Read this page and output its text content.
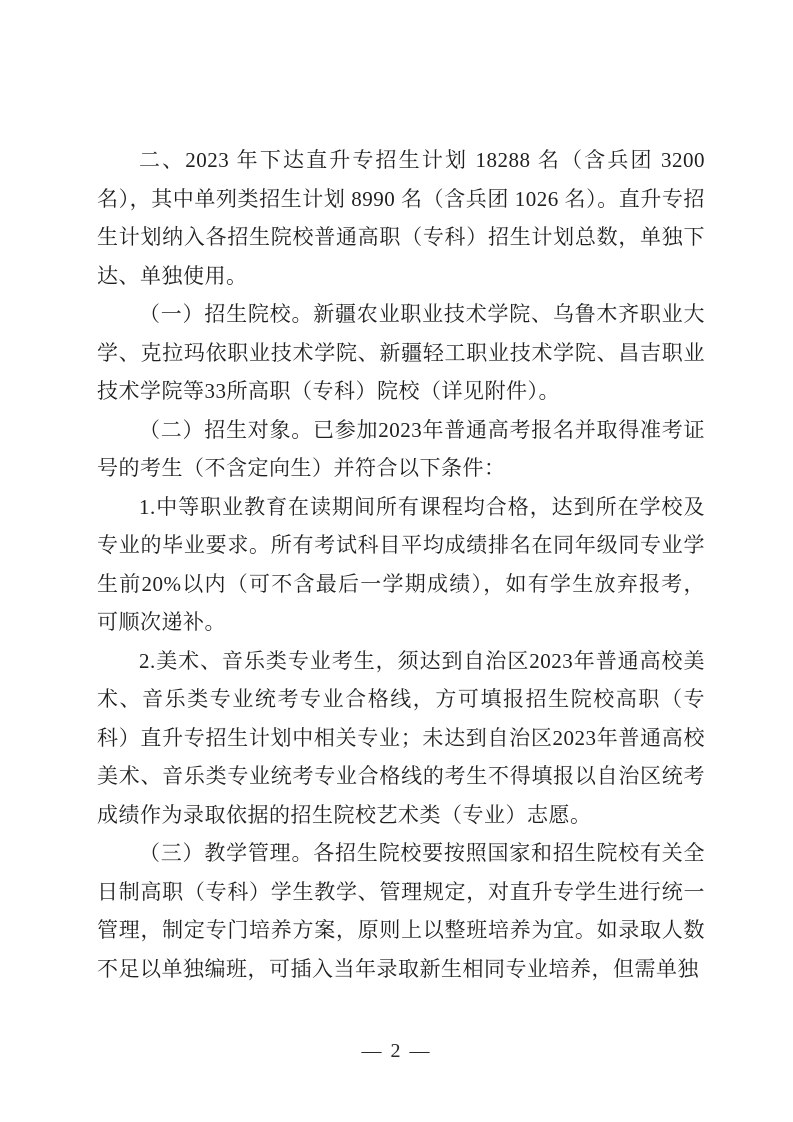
二、2023 年下达直升专招生计划 18288 名（含兵团 3200 名），其中单列类招生计划 8990 名（含兵团 1026 名）。直升专招生计划纳入各招生院校普通高职（专科）招生计划总数，单独下达、单独使用。

（一）招生院校。新疆农业职业技术学院、乌鲁木齐职业大学、克拉玛依职业技术学院、新疆轻工职业技术学院、昌吉职业技术学院等33所高职（专科）院校（详见附件）。

（二）招生对象。已参加2023年普通高考报名并取得准考证号的考生（不含定向生）并符合以下条件：

1.中等职业教育在读期间所有课程均合格，达到所在学校及专业的毕业要求。所有考试科目平均成绩排名在同年级同专业学生前20%以内（可不含最后一学期成绩），如有学生放弃报考，可顺次递补。

2.美术、音乐类专业考生，须达到自治区2023年普通高校美术、音乐类专业统考专业合格线，方可填报招生院校高职（专科）直升专招生计划中相关专业；未达到自治区2023年普通高校美术、音乐类专业统考专业合格线的考生不得填报以自治区统考成绩作为录取依据的招生院校艺术类（专业）志愿。

（三）教学管理。各招生院校要按照国家和招生院校有关全日制高职（专科）学生教学、管理规定，对直升专学生进行统一管理，制定专门培养方案，原则上以整班培养为宜。如录取人数不足以单独编班，可插入当年录取新生相同专业培养，但需单独

— 2 —
